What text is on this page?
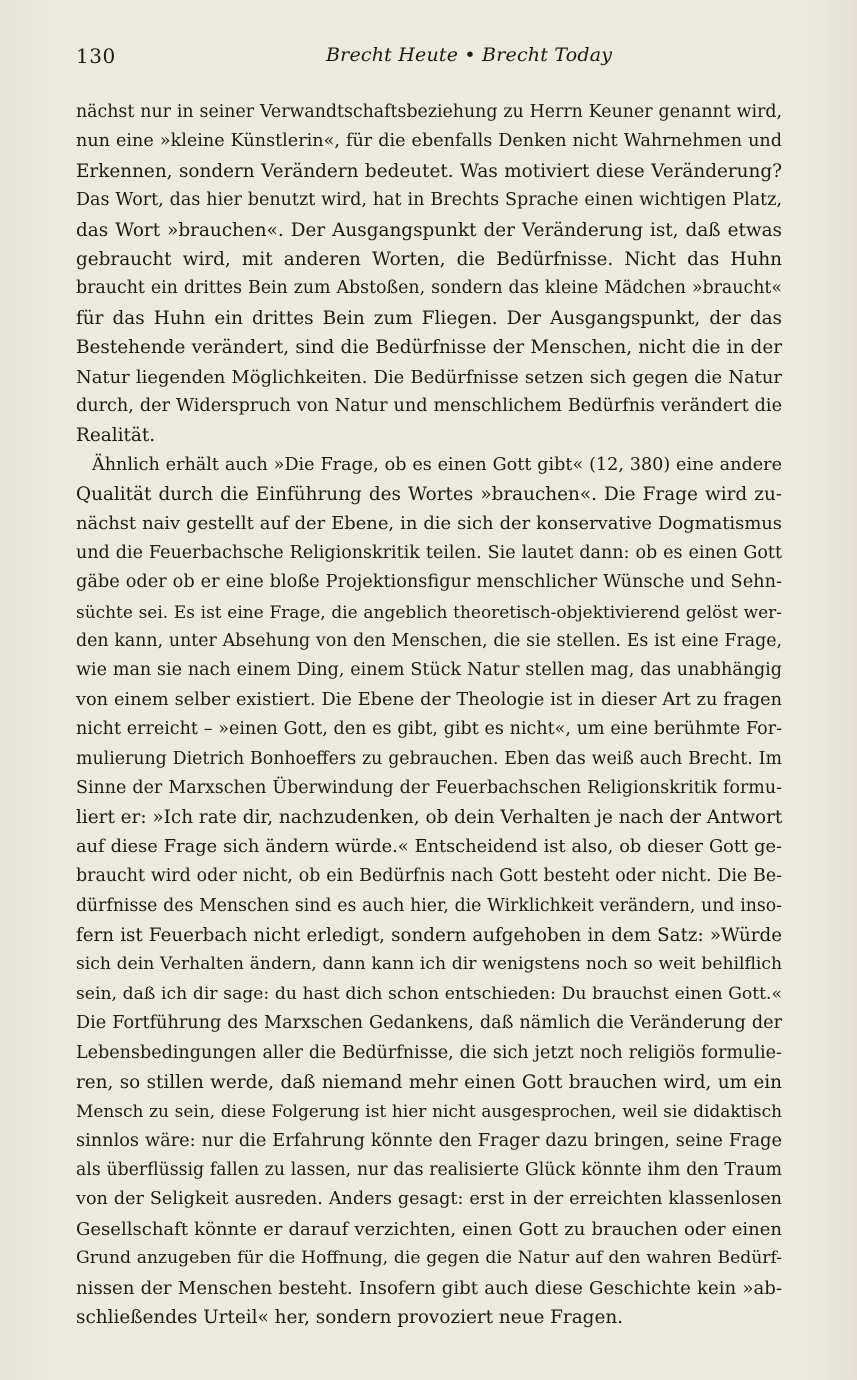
130	Brecht Heute • Brecht Today
nächst nur in seiner Verwandtschaftsbeziehung zu Herrn Keuner genannt wird,
nun eine »kleine Künstlerin«, für die ebenfalls Denken nicht Wahrnehmen und
Erkennen, sondern Verändern bedeutet. Was motiviert diese Veränderung?
Das Wort, das hier benutzt wird, hat in Brechts Sprache einen wichtigen Platz,
das Wort »brauchen«. Der Ausgangspunkt der Veränderung ist, daß etwas
gebraucht wird, mit anderen Worten, die Bedürfnisse. Nicht das Huhn
braucht ein drittes Bein zum Abstoßen, sondern das kleine Mädchen »braucht«
für das Huhn ein drittes Bein zum Fliegen. Der Ausgangspunkt, der das
Bestehende verändert, sind die Bedürfnisse der Menschen, nicht die in der
Natur liegenden Möglichkeiten. Die Bedürfnisse setzen sich gegen die Natur
durch, der Widerspruch von Natur und menschlichem Bedürfnis verändert die
Realität.
Ähnlich erhält auch »Die Frage, ob es einen Gott gibt« (12, 380) eine andere
Qualität durch die Einführung des Wortes »brauchen«. Die Frage wird zu-
nächst naiv gestellt auf der Ebene, in die sich der konservative Dogmatismus
und die Feuerbachsche Religionskritik teilen. Sie lautet dann: ob es einen Gott
gäbe oder ob er eine bloße Projektionsfigur menschlicher Wünsche und Sehn-
süchte sei. Es ist eine Frage, die angeblich theoretisch-objektivierend gelöst wer-
den kann, unter Absehung von den Menschen, die sie stellen. Es ist eine Frage,
wie man sie nach einem Ding, einem Stück Natur stellen mag, das unabhängig
von einem selber existiert. Die Ebene der Theologie ist in dieser Art zu fragen
nicht erreicht – »einen Gott, den es gibt, gibt es nicht«, um eine berühmte For-
mulierung Dietrich Bonhoeffers zu gebrauchen. Eben das weiß auch Brecht. Im
Sinne der Marxschen Überwindung der Feuerbachschen Religionskritik formu-
liert er: »Ich rate dir, nachzudenken, ob dein Verhalten je nach der Antwort
auf diese Frage sich ändern würde.« Entscheidend ist also, ob dieser Gott ge-
braucht wird oder nicht, ob ein Bedürfnis nach Gott besteht oder nicht. Die Be-
dürfnisse des Menschen sind es auch hier, die Wirklichkeit verändern, und inso-
fern ist Feuerbach nicht erledigt, sondern aufgehoben in dem Satz: »Würde
sich dein Verhalten ändern, dann kann ich dir wenigstens noch so weit behilflich
sein, daß ich dir sage: du hast dich schon entschieden: Du brauchst einen Gott.«
Die Fortführung des Marxschen Gedankens, daß nämlich die Veränderung der
Lebensbedingungen aller die Bedürfnisse, die sich jetzt noch religiös formulie-
ren, so stillen werde, daß niemand mehr einen Gott brauchen wird, um ein
Mensch zu sein, diese Folgerung ist hier nicht ausgesprochen, weil sie didaktisch
sinnlos wäre: nur die Erfahrung könnte den Frager dazu bringen, seine Frage
als überflüssig fallen zu lassen, nur das realisierte Glück könnte ihm den Traum
von der Seligkeit ausreden. Anders gesagt: erst in der erreichten klassenlosen
Gesellschaft könnte er darauf verzichten, einen Gott zu brauchen oder einen
Grund anzugeben für die Hoffnung, die gegen die Natur auf den wahren Bedürf-
nissen der Menschen besteht. Insofern gibt auch diese Geschichte kein »ab-
schließendes Urteil« her, sondern provoziert neue Fragen.
